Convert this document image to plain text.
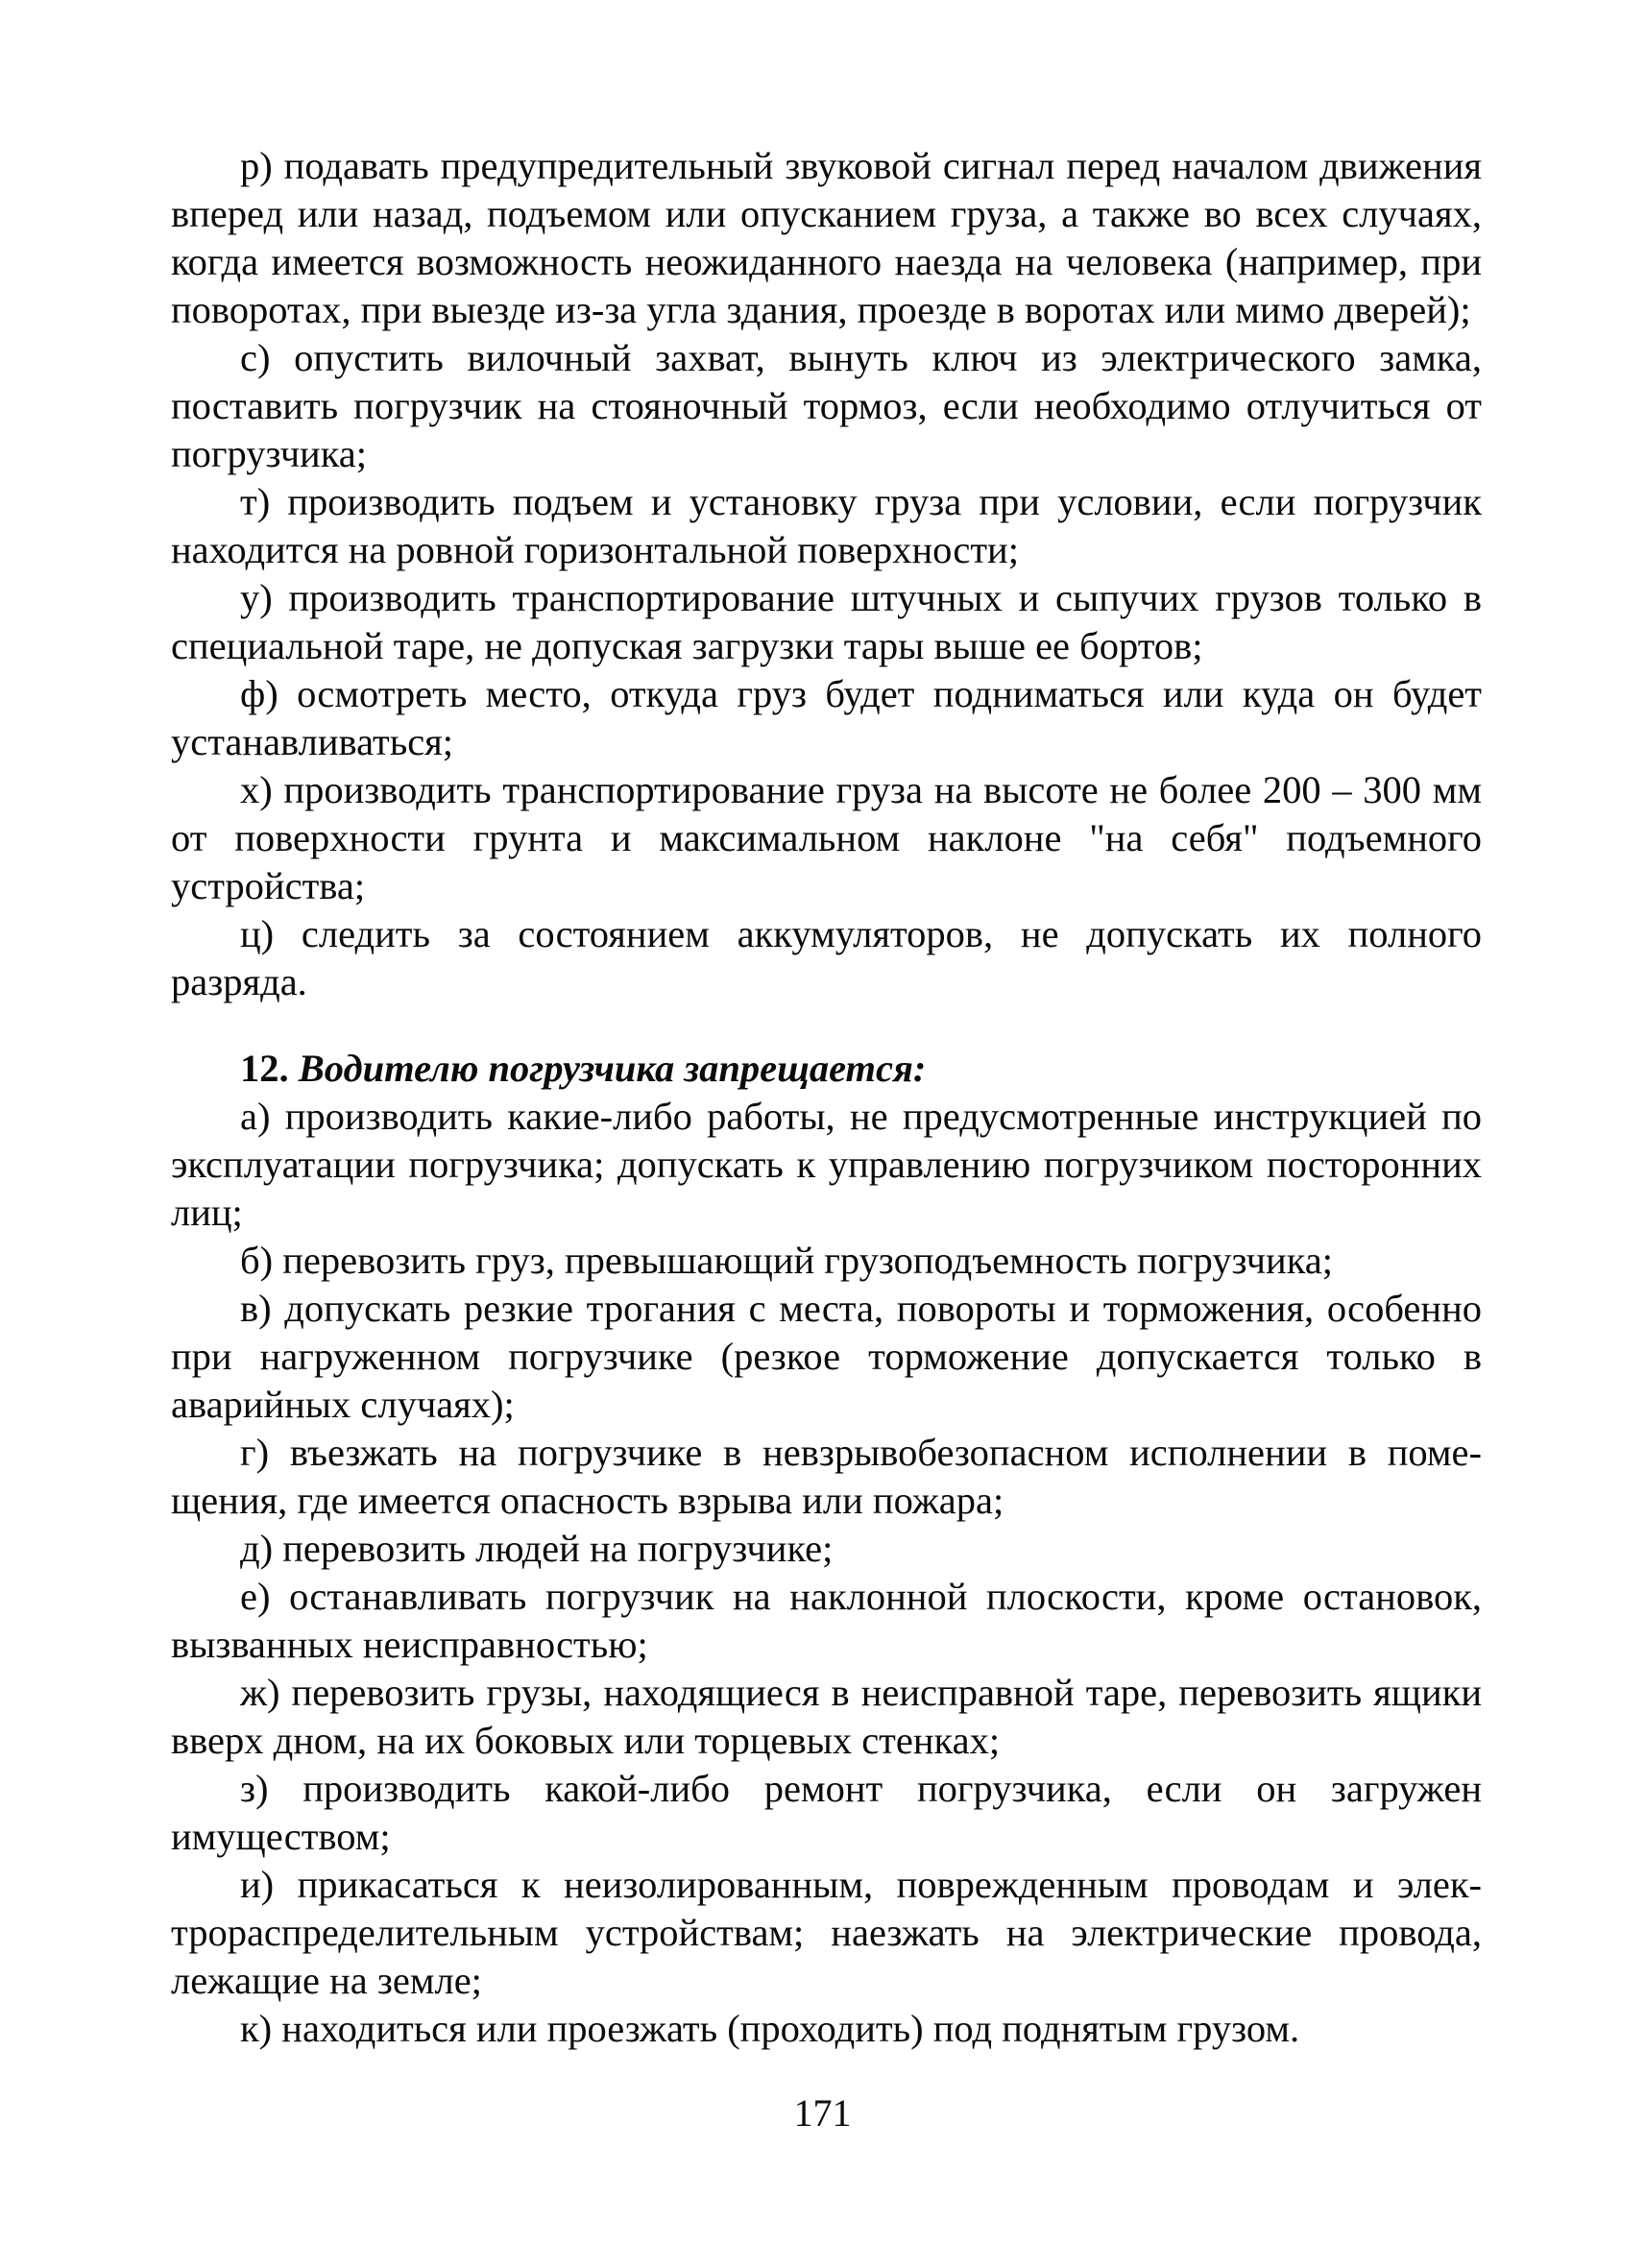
р) подавать предупредительный звуковой сигнал перед началом движения вперед или назад, подъемом или опусканием груза, а также во всех случаях, когда имеется возможность неожиданного наезда на человека (например, при поворотах, при выезде из-за угла здания, проезде в воротах или мимо дверей);

с) опустить вилочный захват, вынуть ключ из электрического замка, поставить погрузчик на стояночный тормоз, если необходимо отлучиться от погрузчика;

т) производить подъем и установку груза при условии, если погрузчик находится на ровной горизонтальной поверхности;

у) производить транспортирование штучных и сыпучих грузов только в специальной таре, не допуская загрузки тары выше ее бортов;

ф) осмотреть место, откуда груз будет подниматься или куда он будет устанавливаться;

х) производить транспортирование груза на высоте не более 200 – 300 мм от поверхности грунта и максимальном наклоне "на себя" подъемного устройства;

ц) следить за состоянием аккумуляторов, не допускать их полного разряда.

12. Водителю погрузчика запрещается:

а) производить какие-либо работы, не предусмотренные инструкцией по эксплуатации погрузчика; допускать к управлению погрузчиком посторонних лиц;

б) перевозить груз, превышающий грузоподъемность погрузчика;

в) допускать резкие трогания с места, повороты и торможения, особенно при нагруженном погрузчике (резкое торможение допускается только в аварийных случаях);

г) въезжать на погрузчике в невзрывобезопасном исполнении в помещения, где имеется опасность взрыва или пожара;

д) перевозить людей на погрузчике;

е) останавливать погрузчик на наклонной плоскости, кроме остановок, вызванных неисправностью;

ж) перевозить грузы, находящиеся в неисправной таре, перевозить ящики вверх дном, на их боковых или торцевых стенках;

з) производить какой-либо ремонт погрузчика, если он загружен имуществом;

и) прикасаться к неизолированным, поврежденным проводам и электрораспределительным устройствам; наезжать на электрические провода, лежащие на земле;

к) находиться или проезжать (проходить) под поднятым грузом.

171
